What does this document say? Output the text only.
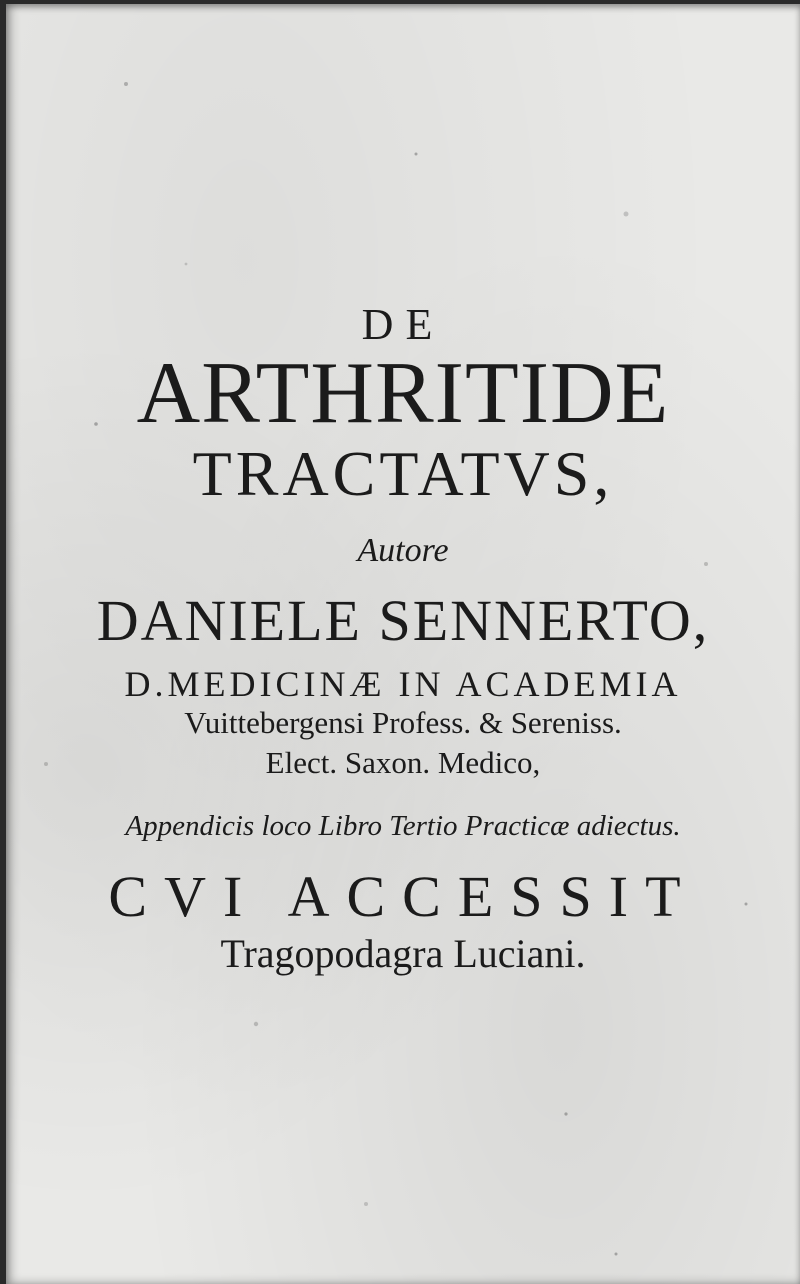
DE
ARTHRITIDE
TRACTATVS,
Autore
DANIELE SENNERTO,
D.MEDICINÆ IN ACADEMIA
Vuittebergensi Profess. & Sereniss.
Elect. Saxon. Medico,
Appendicis loco Libro Tertio Practicæ adiectus.
CVI ACCESSIT
Tragopodagra Luciani.
